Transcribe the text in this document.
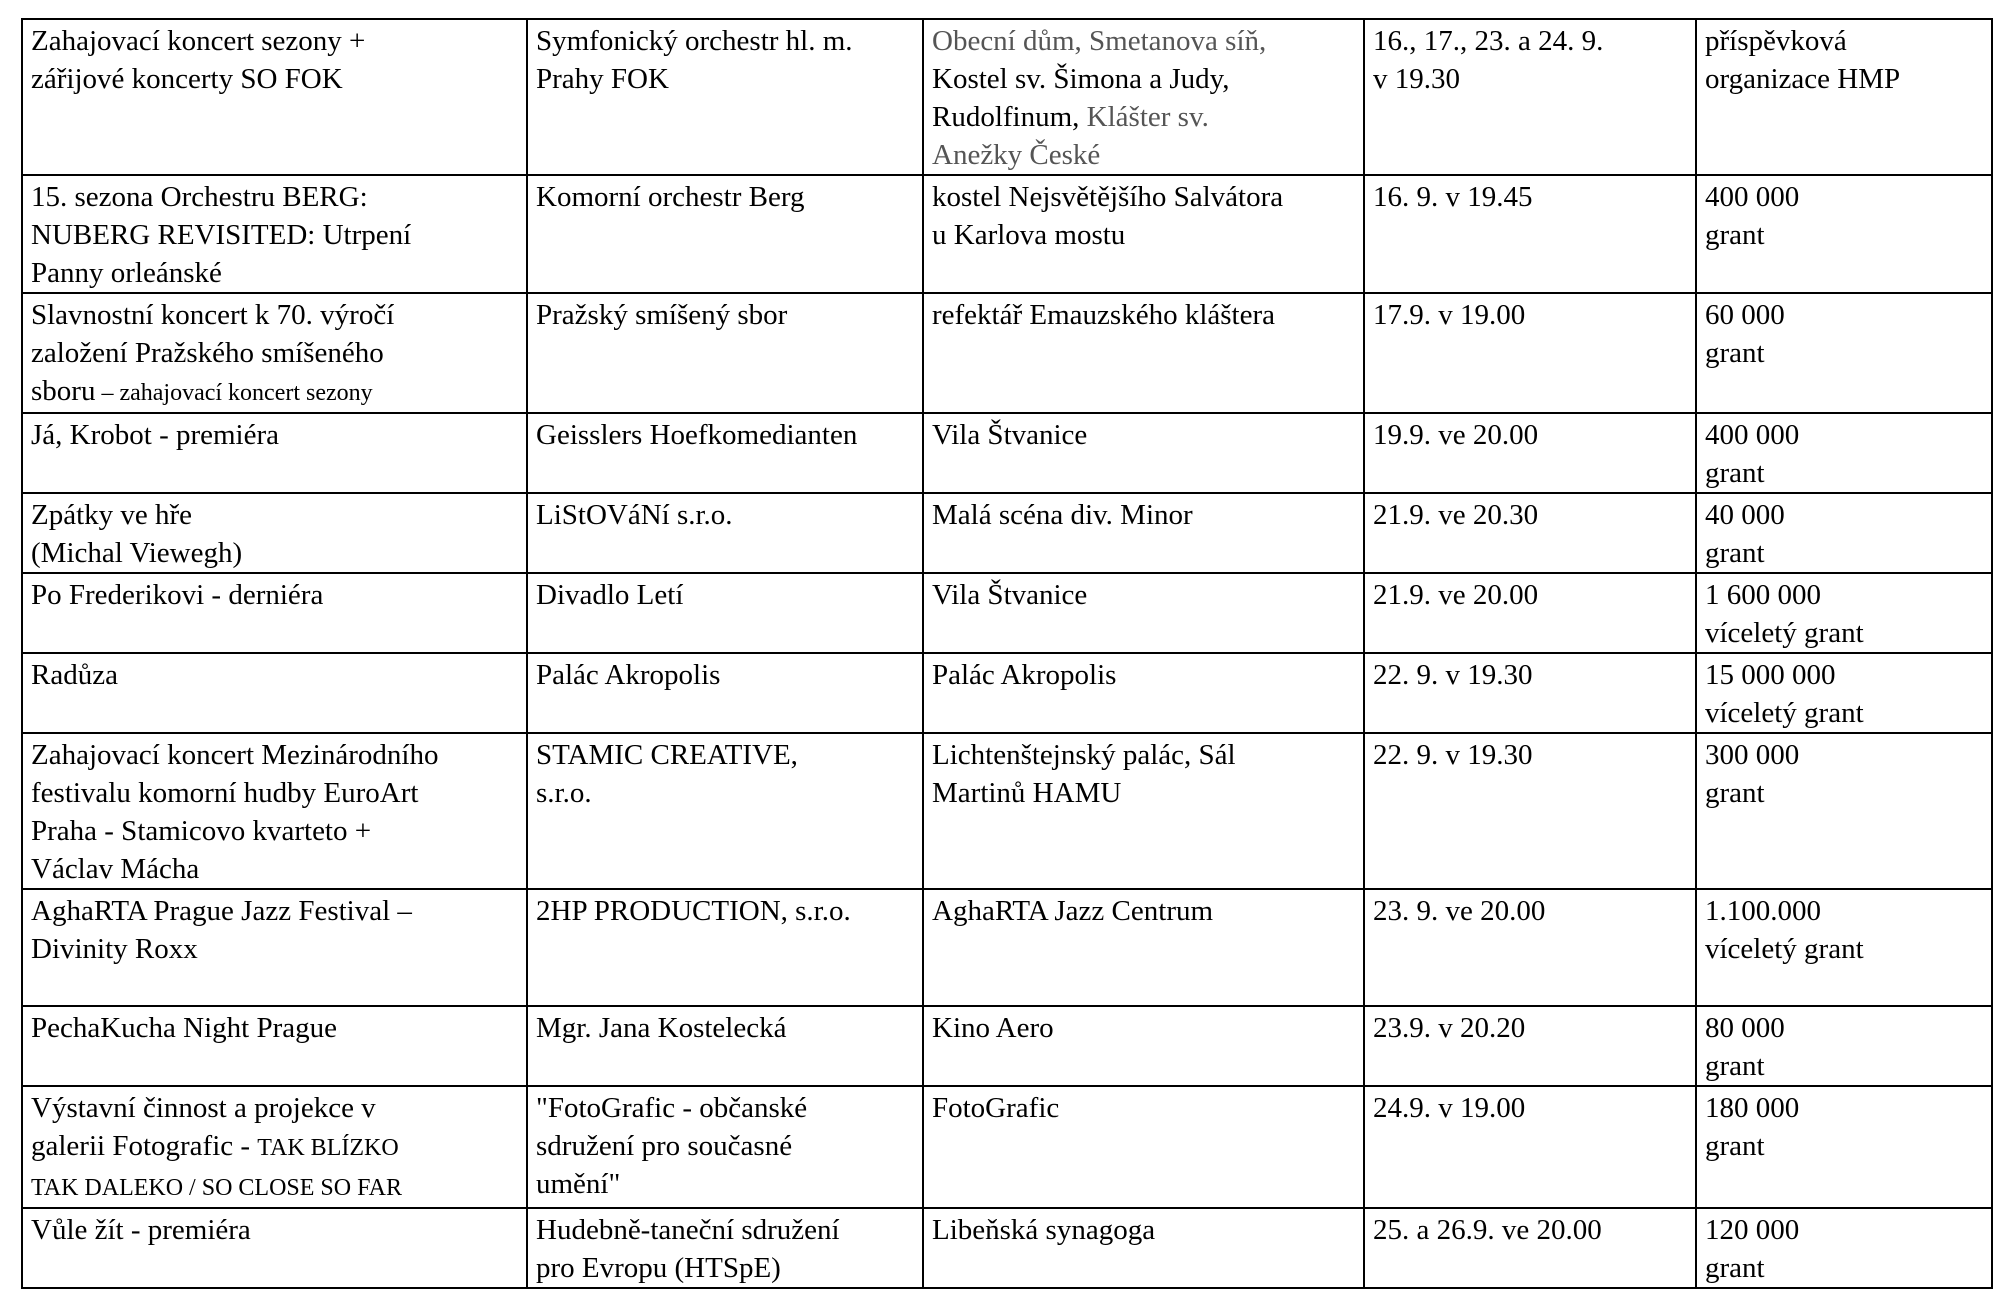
Zahajovací koncert sezony +
zářijové koncerty SO FOK	Symfonický orchestr hl. m.
Prahy FOK	Obecní dům, Smetanova síň,
Kostel sv. Šimona a Judy,
Rudolfinum, Klášter sv.
Anežky České	16., 17., 23. a 24. 9.
v 19.30	příspěvková
organizace HMP
15. sezona Orchestru BERG:
NUBERG REVISITED: Utrpení
Panny orleánské	Komorní orchestr Berg	kostel Nejsvětějšího Salvátora
u Karlova mostu	16. 9. v 19.45	400 000
grant
Slavnostní koncert k 70. výročí
založení Pražského smíšeného
sboru – zahajovací koncert sezony	Pražský smíšený sbor	refektář Emauzského kláštera	17.9. v 19.00	60 000
grant
Já, Krobot - premiéra	Geisslers Hoefkomedianten	Vila Štvanice	19.9. ve 20.00	400 000
grant
Zpátky ve hře
(Michal Viewegh)	LiStOVáNí s.r.o.	Malá scéna div. Minor	21.9. ve 20.30	40 000
grant
Po Frederikovi - derniéra	Divadlo Letí	Vila Štvanice	21.9. ve 20.00	1 600 000
víceletý grant
Radůza	Palác Akropolis	Palác Akropolis	22. 9. v 19.30	15 000 000
víceletý grant
Zahajovací koncert Mezinárodního
festivalu komorní hudby EuroArt
Praha - Stamicovo kvarteto +
Václav Mácha	STAMIC CREATIVE,
s.r.o.	Lichtenštejnský palác, Sál
Martinů HAMU	22. 9. v 19.30	300 000
grant
AghaRTA Prague Jazz Festival –
Divinity Roxx	2HP PRODUCTION, s.r.o.	AghaRTA Jazz Centrum	23. 9. ve 20.00	1.100.000
víceletý grant
PechaKucha Night Prague	Mgr. Jana Kostelecká	Kino Aero	23.9. v 20.20	80 000
grant
Výstavní činnost a projekce v
galerii Fotografic - TAK BLÍZKO
TAK DALEKO / SO CLOSE SO FAR	"FotoGrafic - občanské
sdružení pro současné
umění"	FotoGrafic	24.9. v 19.00	180 000
grant
Vůle žít - premiéra	Hudebně-taneční sdružení
pro Evropu (HTSpE)	Libeňská synagoga	25. a 26.9. ve 20.00	120 000
grant
